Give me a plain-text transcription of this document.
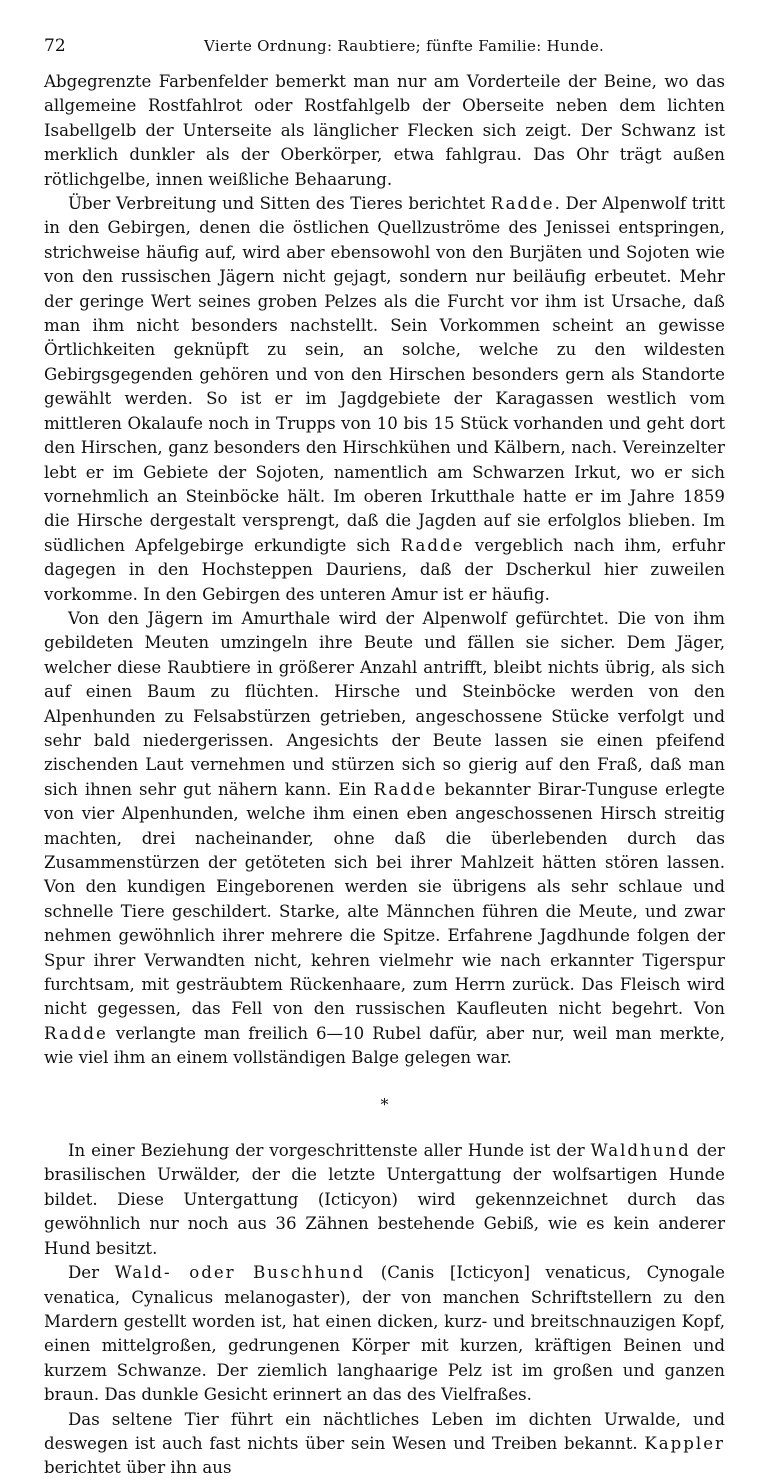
72	Vierte Ordnung: Raubtiere; fünfte Familie: Hunde.

Abgegrenzte Farbenfelder bemerkt man nur am Vorderteile der Beine, wo das allgemeine Rostfahlrot oder Rostfahlgelb der Oberseite neben dem lichten Isabellgelb der Unterseite als länglicher Flecken sich zeigt. Der Schwanz ist merklich dunkler als der Oberkörper, etwa fahlgrau. Das Ohr trägt außen rötlichgelbe, innen weißliche Behaarung.

Über Verbreitung und Sitten des Tieres berichtet Radde. Der Alpenwolf tritt in den Gebirgen, denen die östlichen Quellzuströme des Jenissei entspringen, strichweise häufig auf, wird aber ebensowohl von den Burjäten und Sojoten wie von den russischen Jägern nicht gejagt, sondern nur beiläufig erbeutet. Mehr der geringe Wert seines groben Pelzes als die Furcht vor ihm ist Ursache, daß man ihm nicht besonders nachstellt. Sein Vorkommen scheint an gewisse Örtlichkeiten geknüpft zu sein, an solche, welche zu den wildesten Gebirgsgegenden gehören und von den Hirschen besonders gern als Standorte gewählt werden. So ist er im Jagdgebiete der Karagassen westlich vom mittleren Okalaufe noch in Trupps von 10 bis 15 Stück vorhanden und geht dort den Hirschen, ganz besonders den Hirschkühen und Kälbern, nach. Vereinzelter lebt er im Gebiete der Sojoten, namentlich am Schwarzen Irkut, wo er sich vornehmlich an Steinböcke hält. Im oberen Irkutthale hatte er im Jahre 1859 die Hirsche dergestalt versprengt, daß die Jagden auf sie erfolglos blieben. Im südlichen Apfelgebirge erkundigte sich Radde vergeblich nach ihm, erfuhr dagegen in den Hochsteppen Dauriens, daß der Dscherkul hier zuweilen vorkomme. In den Gebirgen des unteren Amur ist er häufig.

Von den Jägern im Amurthale wird der Alpenwolf gefürchtet. Die von ihm gebildeten Meuten umzingeln ihre Beute und fällen sie sicher. Dem Jäger, welcher diese Raubtiere in größerer Anzahl antrifft, bleibt nichts übrig, als sich auf einen Baum zu flüchten. Hirsche und Steinböcke werden von den Alpenhunden zu Felsabstürzen getrieben, angeschossene Stücke verfolgt und sehr bald niedergerissen. Angesichts der Beute lassen sie einen pfeifend zischenden Laut vernehmen und stürzen sich so gierig auf den Fraß, daß man sich ihnen sehr gut nähern kann. Ein Radde bekannter Birar-Tunguse erlegte von vier Alpenhunden, welche ihm einen eben angeschossenen Hirsch streitig machten, drei nacheinander, ohne daß die überlebenden durch das Zusammenstürzen der getöteten sich bei ihrer Mahlzeit hätten stören lassen. Von den kundigen Eingeborenen werden sie übrigens als sehr schlaue und schnelle Tiere geschildert. Starke, alte Männchen führen die Meute, und zwar nehmen gewöhnlich ihrer mehrere die Spitze. Erfahrene Jagdhunde folgen der Spur ihrer Verwandten nicht, kehren vielmehr wie nach erkannter Tigerspur furchtsam, mit gesträubtem Rückenhaare, zum Herrn zurück. Das Fleisch wird nicht gegessen, das Fell von den russischen Kaufleuten nicht begehrt. Von Radde verlangte man freilich 6—10 Rubel dafür, aber nur, weil man merkte, wie viel ihm an einem vollständigen Balge gelegen war.

*

In einer Beziehung der vorgeschrittenste aller Hunde ist der Waldhund der brasilischen Urwälder, der die letzte Untergattung der wolfsartigen Hunde bildet. Diese Untergattung (Icticyon) wird gekennzeichnet durch das gewöhnlich nur noch aus 36 Zähnen bestehende Gebiß, wie es kein anderer Hund besitzt.

Der Wald- oder Buschhund (Canis [Icticyon] venaticus, Cynogale venatica, Cynalicus melanogaster), der von manchen Schriftstellern zu den Mardern gestellt worden ist, hat einen dicken, kurz- und breitschnauzigen Kopf, einen mittelgroßen, gedrungenen Körper mit kurzen, kräftigen Beinen und kurzem Schwanze. Der ziemlich langhaarige Pelz ist im großen und ganzen braun. Das dunkle Gesicht erinnert an das des Vielfraßes.

Das seltene Tier führt ein nächtliches Leben im dichten Urwalde, und deswegen ist auch fast nichts über sein Wesen und Treiben bekannt. Kappler berichtet über ihn aus
